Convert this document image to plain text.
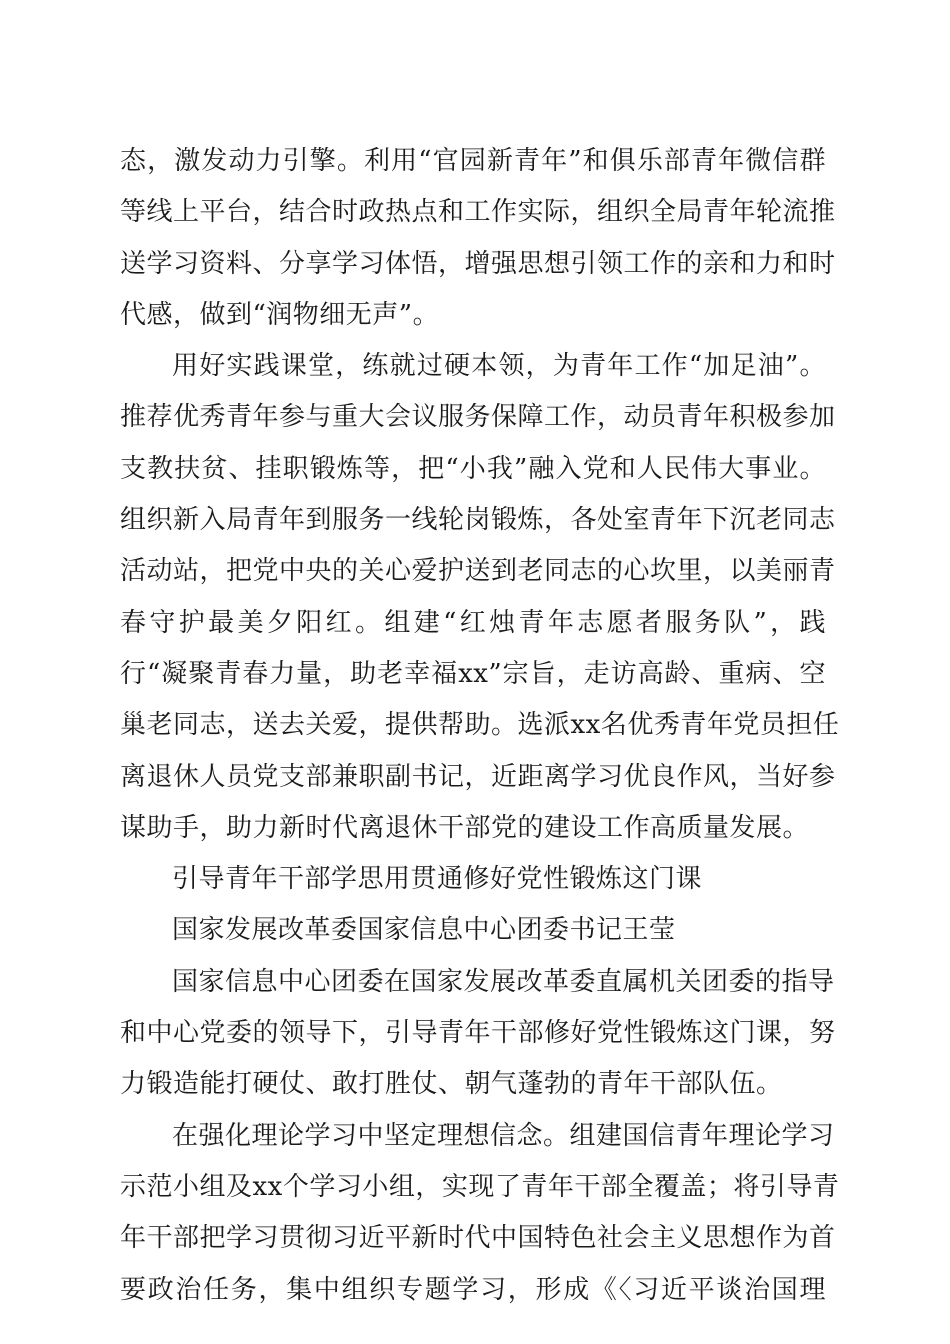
态，激发动力引擎。利用“官园新青年”和俱乐部青年微信群
等线上平台，结合时政热点和工作实际，组织全局青年轮流推
送学习资料、分享学习体悟，增强思想引领工作的亲和力和时
代感，做到“润物细无声”。
用好实践课堂，练就过硬本领，为青年工作“加足油”。
推荐优秀青年参与重大会议服务保障工作，动员青年积极参加
支教扶贫、挂职锻炼等，把“小我”融入党和人民伟大事业。
组织新入局青年到服务一线轮岗锻炼，各处室青年下沉老同志
活动站，把党中央的关心爱护送到老同志的心坎里，以美丽青
春守护最美夕阳红。组建“红烛青年志愿者服务队”，践
行“凝聚青春力量，助老幸福xx”宗旨，走访高龄、重病、空
巢老同志，送去关爱，提供帮助。选派xx名优秀青年党员担任
离退休人员党支部兼职副书记，近距离学习优良作风，当好参
谋助手，助力新时代离退休干部党的建设工作高质量发展。
引导青年干部学思用贯通修好党性锻炼这门课
国家发展改革委国家信息中心团委书记王莹
国家信息中心团委在国家发展改革委直属机关团委的指导
和中心党委的领导下，引导青年干部修好党性锻炼这门课，努
力锻造能打硬仗、敢打胜仗、朝气蓬勃的青年干部队伍。
在强化理论学习中坚定理想信念。组建国信青年理论学习
示范小组及xx个学习小组，实现了青年干部全覆盖；将引导青
年干部把学习贯彻习近平新时代中国特色社会主义思想作为首
要政治任务，集中组织专题学习，形成《〈习近平谈治国理
